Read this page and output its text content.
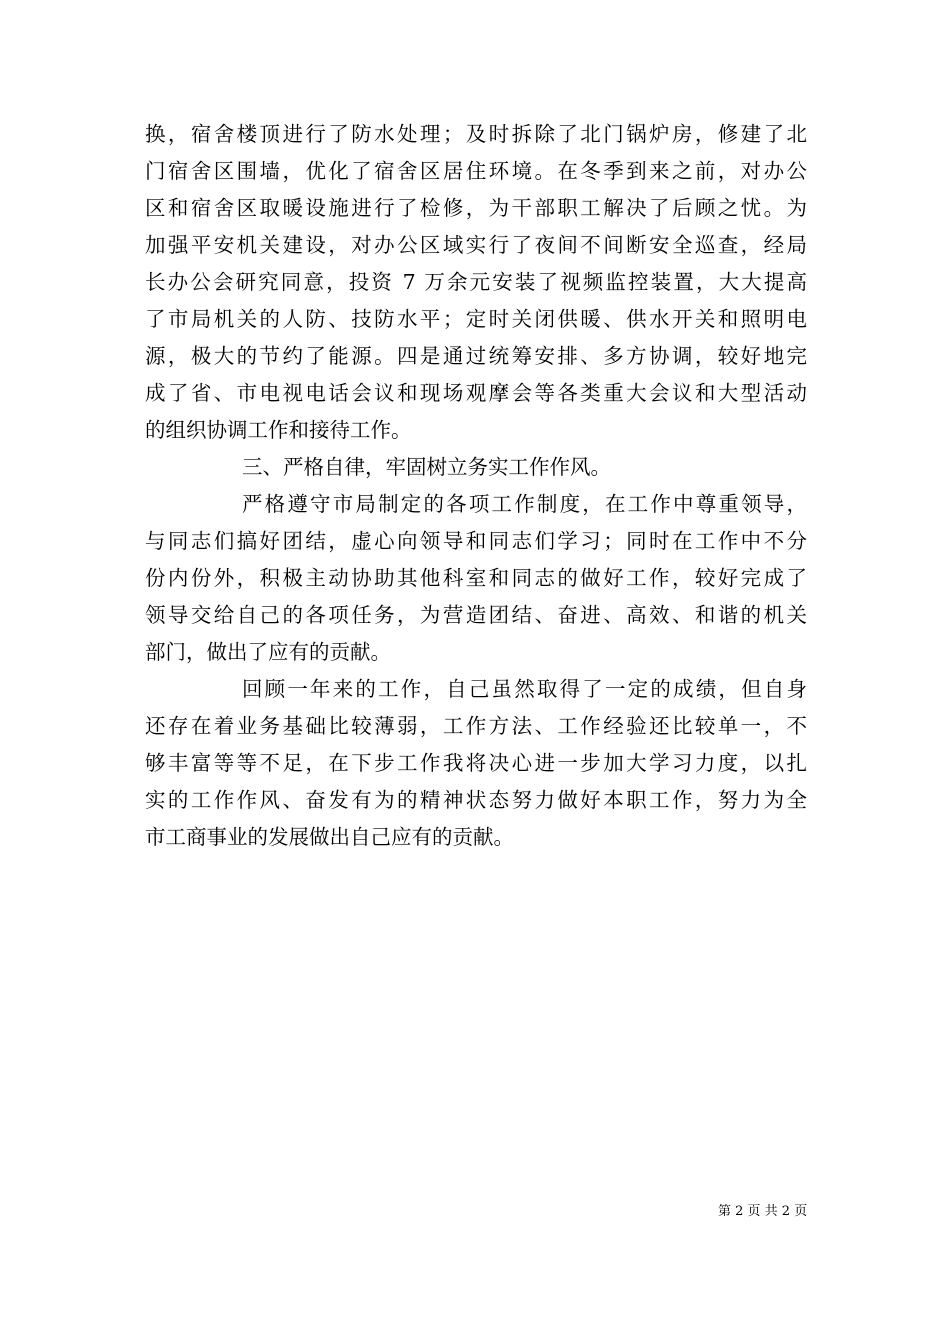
换，宿舍楼顶进行了防水处理；及时拆除了北门锅炉房，修建了北
门宿舍区围墙，优化了宿舍区居住环境。在冬季到来之前，对办公
区和宿舍区取暖设施进行了检修，为干部职工解决了后顾之忧。为
加强平安机关建设，对办公区域实行了夜间不间断安全巡查，经局
长办公会研究同意，投资 7 万余元安装了视频监控装置，大大提高
了市局机关的人防、技防水平；定时关闭供暖、供水开关和照明电
源，极大的节约了能源。四是通过统筹安排、多方协调，较好地完
成了省、市电视电话会议和现场观摩会等各类重大会议和大型活动
的组织协调工作和接待工作。
三、严格自律，牢固树立务实工作作风。
严格遵守市局制定的各项工作制度，在工作中尊重领导，
与同志们搞好团结，虚心向领导和同志们学习；同时在工作中不分
份内份外，积极主动协助其他科室和同志的做好工作，较好完成了
领导交给自己的各项任务，为营造团结、奋进、高效、和谐的机关
部门，做出了应有的贡献。
回顾一年来的工作，自己虽然取得了一定的成绩，但自身
还存在着业务基础比较薄弱，工作方法、工作经验还比较单一，不
够丰富等等不足，在下步工作我将决心进一步加大学习力度，以扎
实的工作作风、奋发有为的精神状态努力做好本职工作，努力为全
市工商事业的发展做出自己应有的贡献。
第 2 页 共 2 页
